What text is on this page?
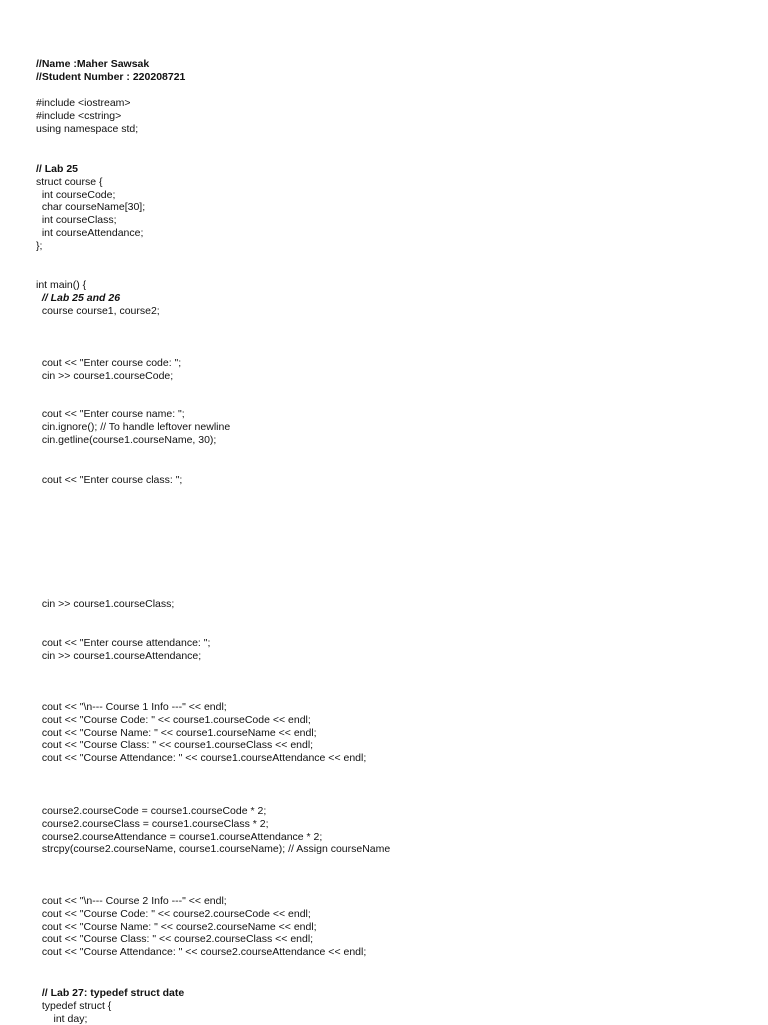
//Name :Maher Sawsak
//Student Number : 220208721
#include <iostream>
#include <cstring>
using namespace std;
// Lab 25
struct course {
int courseCode;
char courseName[30];
int courseClass;
int courseAttendance;
};
int main() {
// Lab 25 and 26
course course1, course2;
cout << "Enter course code: ";
cin >> course1.courseCode;
cout << "Enter course name: ";
cin.ignore(); // To handle leftover newline
cin.getline(course1.courseName, 30);
cout << "Enter course class: ";
cin >> course1.courseClass;
cout << "Enter course attendance: ";
cin >> course1.courseAttendance;
cout << "\n--- Course 1 Info ---" << endl;
cout << "Course Code: " << course1.courseCode << endl;
cout << "Course Name: " << course1.courseName << endl;
cout << "Course Class: " << course1.courseClass << endl;
cout << "Course Attendance: " << course1.courseAttendance << endl;
course2.courseCode = course1.courseCode * 2;
course2.courseClass = course1.courseClass * 2;
course2.courseAttendance = course1.courseAttendance * 2;
strcpy(course2.courseName, course1.courseName); // Assign courseName
cout << "\n--- Course 2 Info ---" << endl;
cout << "Course Code: " << course2.courseCode << endl;
cout << "Course Name: " << course2.courseName << endl;
cout << "Course Class: " << course2.courseClass << endl;
cout << "Course Attendance: " << course2.courseAttendance << endl;
// Lab 27: typedef struct date
typedef struct {
int day;
